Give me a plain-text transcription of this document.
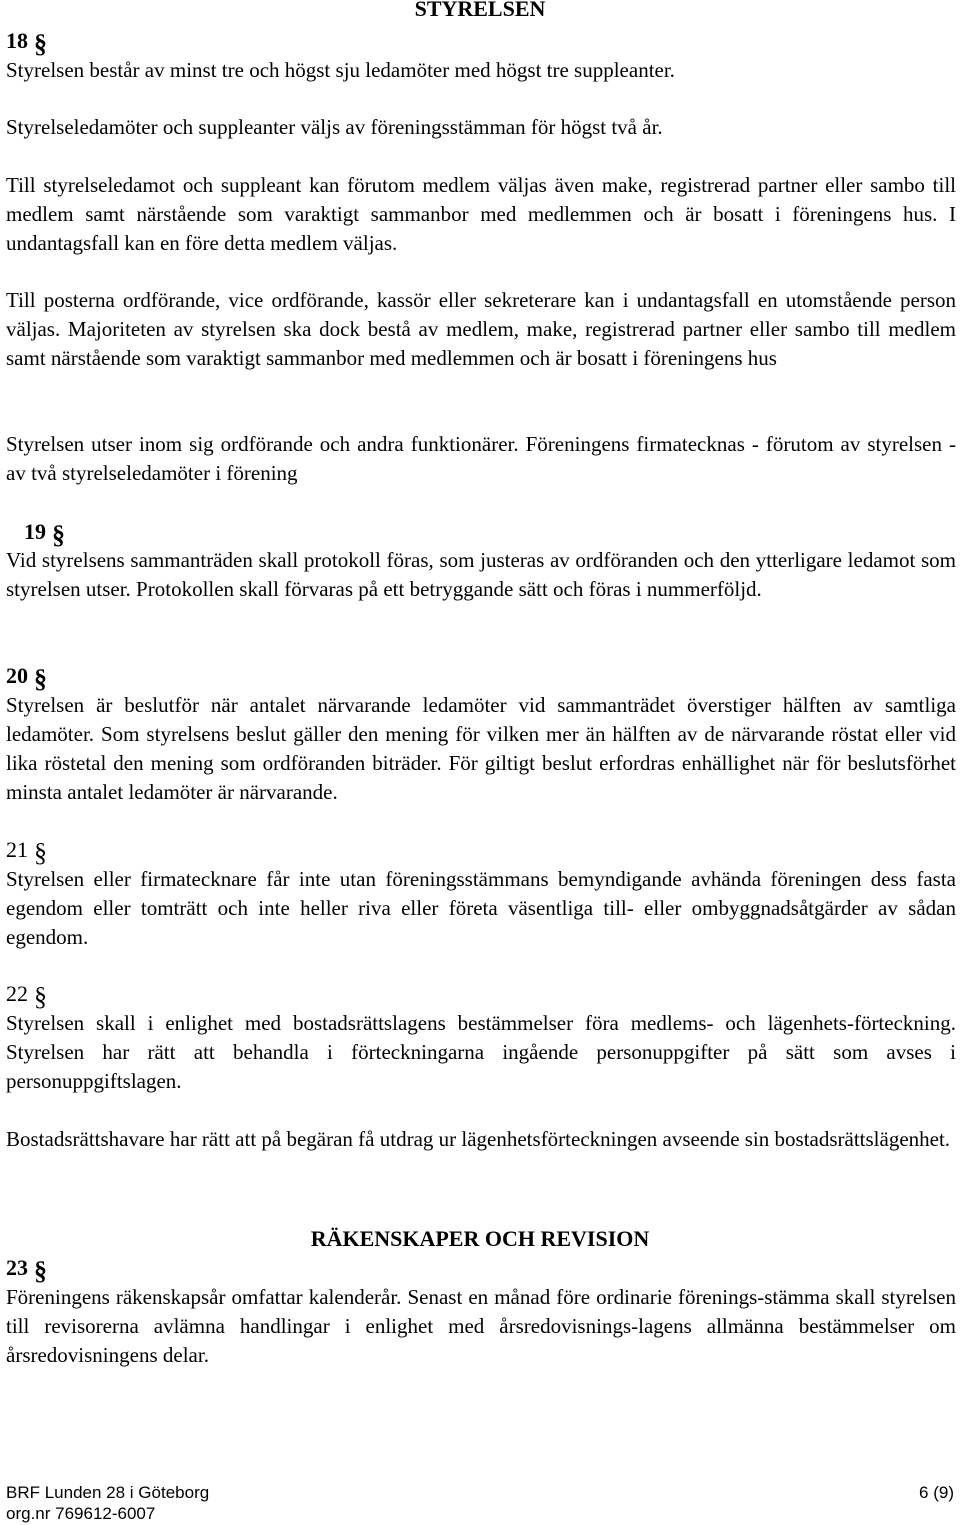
STYRELSEN
18 §

Styrelsen består av minst tre och högst sju ledamöter med högst tre suppleanter.

Styrelseledamöter och suppleanter väljs av föreningsstämman för högst två år.

Till styrelseledamot och suppleant kan förutom medlem väljas även make, registrerad partner eller sambo till medlem samt närstående som varaktigt sammanbor med medlemmen och är bosatt i föreningens hus. I undantagsfall kan en före detta medlem väljas.

Till posterna ordförande, vice ordförande, kassör eller sekreterare kan i undantagsfall en utomstående person väljas. Majoriteten av styrelsen ska dock bestå av medlem, make, registrerad partner eller sambo till medlem samt närstående som varaktigt sammanbor med medlemmen och är bosatt i föreningens hus

Styrelsen utser inom sig ordförande och andra funktionärer. Föreningens firmatecknas - förutom av styrelsen - av två styrelseledamöter i förening

19 §

Vid styrelsens sammanträden skall protokoll föras, som justeras av ordföranden och den ytterligare ledamot som styrelsen utser. Protokollen skall förvaras på ett betryggande sätt och föras i nummerföljd.

20 §

Styrelsen är beslutför när antalet närvarande ledamöter vid sammanträdet överstiger hälften av samtliga ledamöter. Som styrelsens beslut gäller den mening för vilken mer än hälften av de närvarande röstat eller vid lika röstetal den mening som ordföranden biträder. För giltigt beslut erfordras enhällighet när för beslutsförhet minsta antalet ledamöter är närvarande.

21 §

Styrelsen eller firmatecknare får inte utan föreningsstämmans bemyndigande avhända föreningen dess fasta egendom eller tomträtt och inte heller riva eller företa väsentliga till- eller ombyggnadsåtgärder av sådan egendom.

22 §

Styrelsen skall i enlighet med bostadsrättslagens bestämmelser föra medlems- och lägenhets-förteckning. Styrelsen har rätt att behandla i förteckningarna ingående personuppgifter på sätt som avses i personuppgiftslagen.

Bostadsrättshavare har rätt att på begäran få utdrag ur lägenhetsförteckningen avseende sin bostadsrättslägenhet.

RÄKENSKAPER OCH REVISION
23 §

Föreningens räkenskapsår omfattar kalenderår. Senast en månad före ordinarie förenings-stämma skall styrelsen till revisorerna avlämna handlingar i enlighet med årsredovisnings-lagens allmänna bestämmelser om årsredovisningens delar.

BRF Lunden 28 i Göteborg	6 (9)
org.nr 769612-6007
